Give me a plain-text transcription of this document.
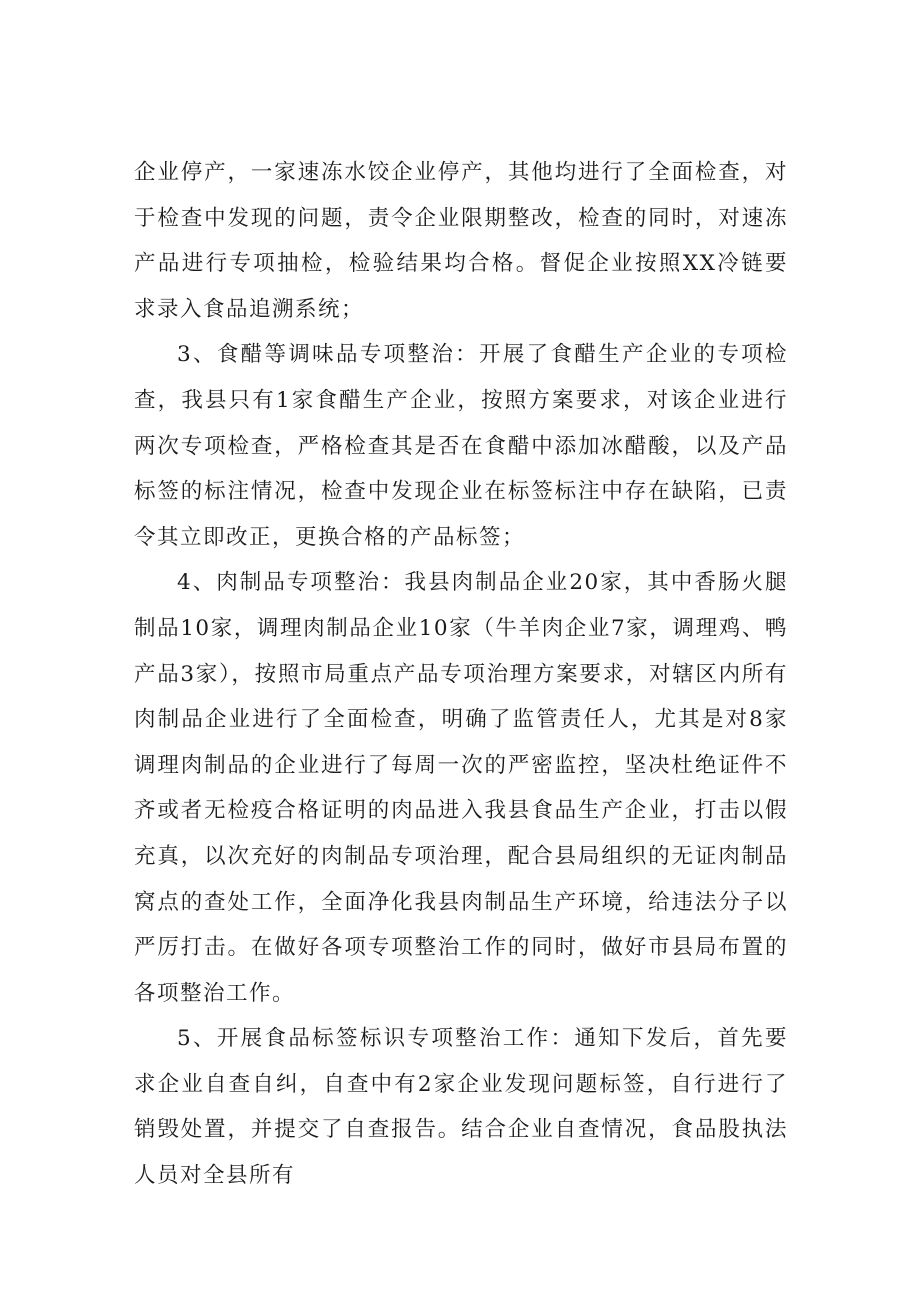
企业停产，一家速冻水饺企业停产，其他均进行了全面检查，对于检查中发现的问题，责令企业限期整改，检查的同时，对速冻产品进行专项抽检，检验结果均合格。督促企业按照XX冷链要求录入食品追溯系统；

3、食醋等调味品专项整治：开展了食醋生产企业的专项检查，我县只有1家食醋生产企业，按照方案要求，对该企业进行两次专项检查，严格检查其是否在食醋中添加冰醋酸，以及产品标签的标注情况，检查中发现企业在标签标注中存在缺陷，已责令其立即改正，更换合格的产品标签；

4、肉制品专项整治：我县肉制品企业20家，其中香肠火腿制品10家，调理肉制品企业10家（牛羊肉企业7家，调理鸡、鸭产品3家），按照市局重点产品专项治理方案要求，对辖区内所有肉制品企业进行了全面检查，明确了监管责任人，尤其是对8家调理肉制品的企业进行了每周一次的严密监控，坚决杜绝证件不齐或者无检疫合格证明的肉品进入我县食品生产企业，打击以假充真，以次充好的肉制品专项治理，配合县局组织的无证肉制品窝点的查处工作，全面净化我县肉制品生产环境，给违法分子以严厉打击。在做好各项专项整治工作的同时，做好市县局布置的各项整治工作。

5、开展食品标签标识专项整治工作：通知下发后，首先要求企业自查自纠，自查中有2家企业发现问题标签，自行进行了销毁处置，并提交了自查报告。结合企业自查情况，食品股执法人员对全县所有
